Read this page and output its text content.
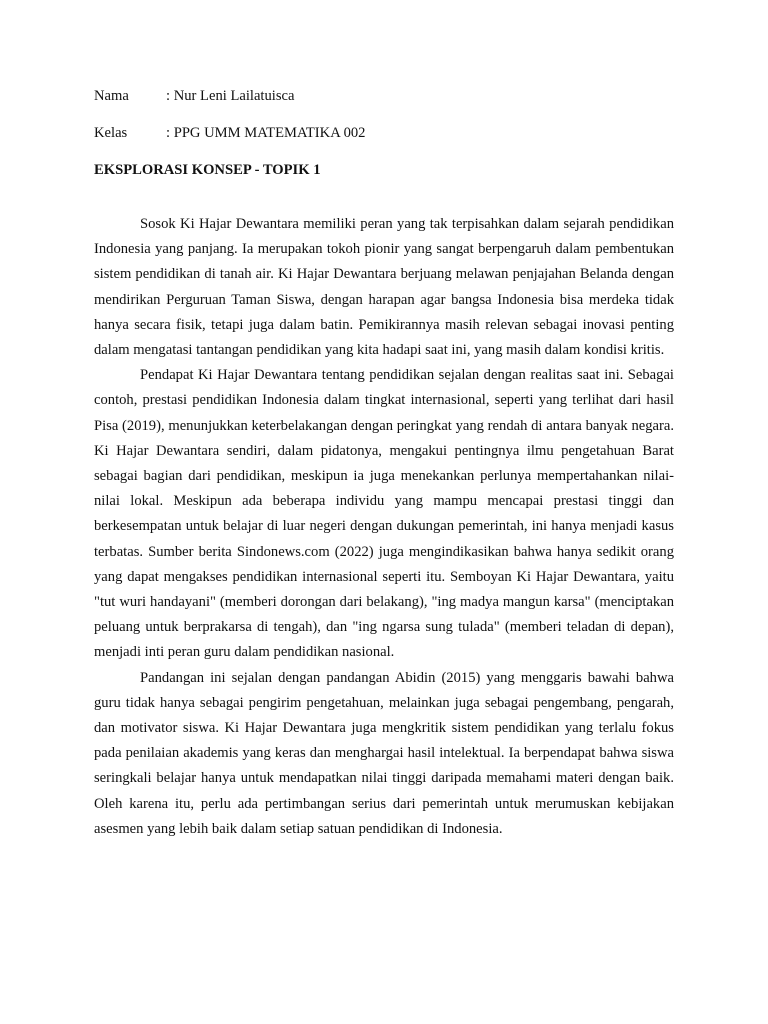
Nama	: Nur Leni Lailatuisca
Kelas	: PPG UMM MATEMATIKA 002
EKSPLORASI KONSEP - TOPIK 1

Sosok Ki Hajar Dewantara memiliki peran yang tak terpisahkan dalam sejarah pendidikan Indonesia yang panjang. Ia merupakan tokoh pionir yang sangat berpengaruh dalam pembentukan sistem pendidikan di tanah air. Ki Hajar Dewantara berjuang melawan penjajahan Belanda dengan mendirikan Perguruan Taman Siswa, dengan harapan agar bangsa Indonesia bisa merdeka tidak hanya secara fisik, tetapi juga dalam batin. Pemikirannya masih relevan sebagai inovasi penting dalam mengatasi tantangan pendidikan yang kita hadapi saat ini, yang masih dalam kondisi kritis.

Pendapat Ki Hajar Dewantara tentang pendidikan sejalan dengan realitas saat ini. Sebagai contoh, prestasi pendidikan Indonesia dalam tingkat internasional, seperti yang terlihat dari hasil Pisa (2019), menunjukkan keterbelakangan dengan peringkat yang rendah di antara banyak negara. Ki Hajar Dewantara sendiri, dalam pidatonya, mengakui pentingnya ilmu pengetahuan Barat sebagai bagian dari pendidikan, meskipun ia juga menekankan perlunya mempertahankan nilai-nilai lokal. Meskipun ada beberapa individu yang mampu mencapai prestasi tinggi dan berkesempatan untuk belajar di luar negeri dengan dukungan pemerintah, ini hanya menjadi kasus terbatas. Sumber berita Sindonews.com (2022) juga mengindikasikan bahwa hanya sedikit orang yang dapat mengakses pendidikan internasional seperti itu. Semboyan Ki Hajar Dewantara, yaitu "tut wuri handayani" (memberi dorongan dari belakang), "ing madya mangun karsa" (menciptakan peluang untuk berprakarsa di tengah), dan "ing ngarsa sung tulada" (memberi teladan di depan), menjadi inti peran guru dalam pendidikan nasional.

Pandangan ini sejalan dengan pandangan Abidin (2015) yang menggaris bawahi bahwa guru tidak hanya sebagai pengirim pengetahuan, melainkan juga sebagai pengembang, pengarah, dan motivator siswa. Ki Hajar Dewantara juga mengkritik sistem pendidikan yang terlalu fokus pada penilaian akademis yang keras dan menghargai hasil intelektual. Ia berpendapat bahwa siswa seringkali belajar hanya untuk mendapatkan nilai tinggi daripada memahami materi dengan baik. Oleh karena itu, perlu ada pertimbangan serius dari pemerintah untuk merumuskan kebijakan asesmen yang lebih baik dalam setiap satuan pendidikan di Indonesia.
